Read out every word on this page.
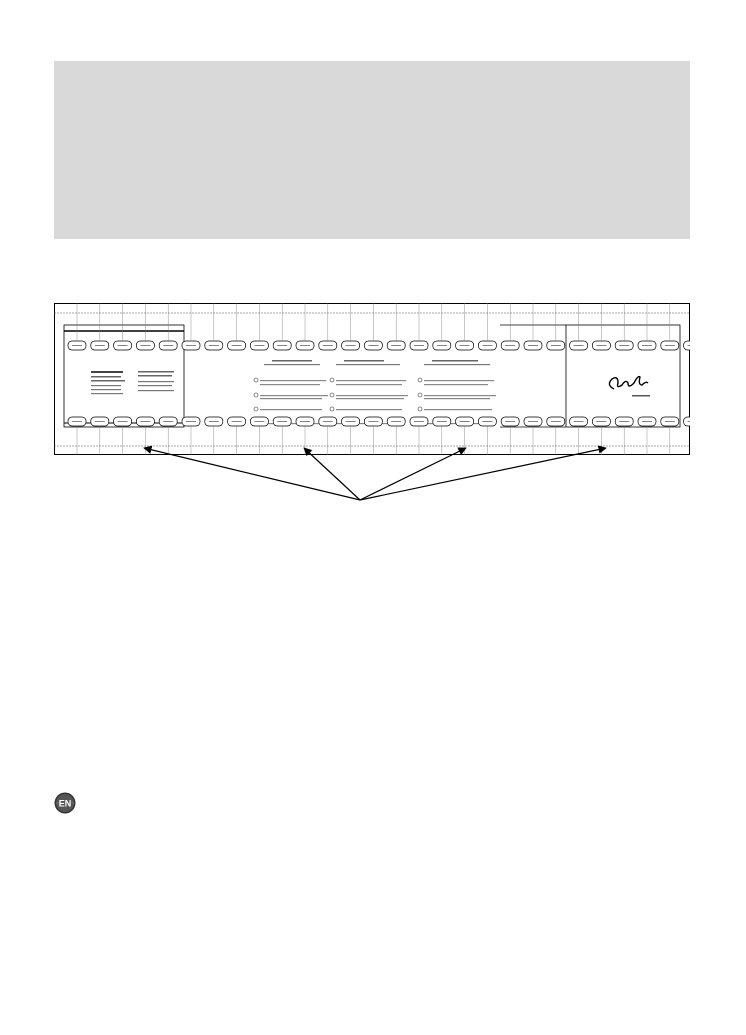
EN
